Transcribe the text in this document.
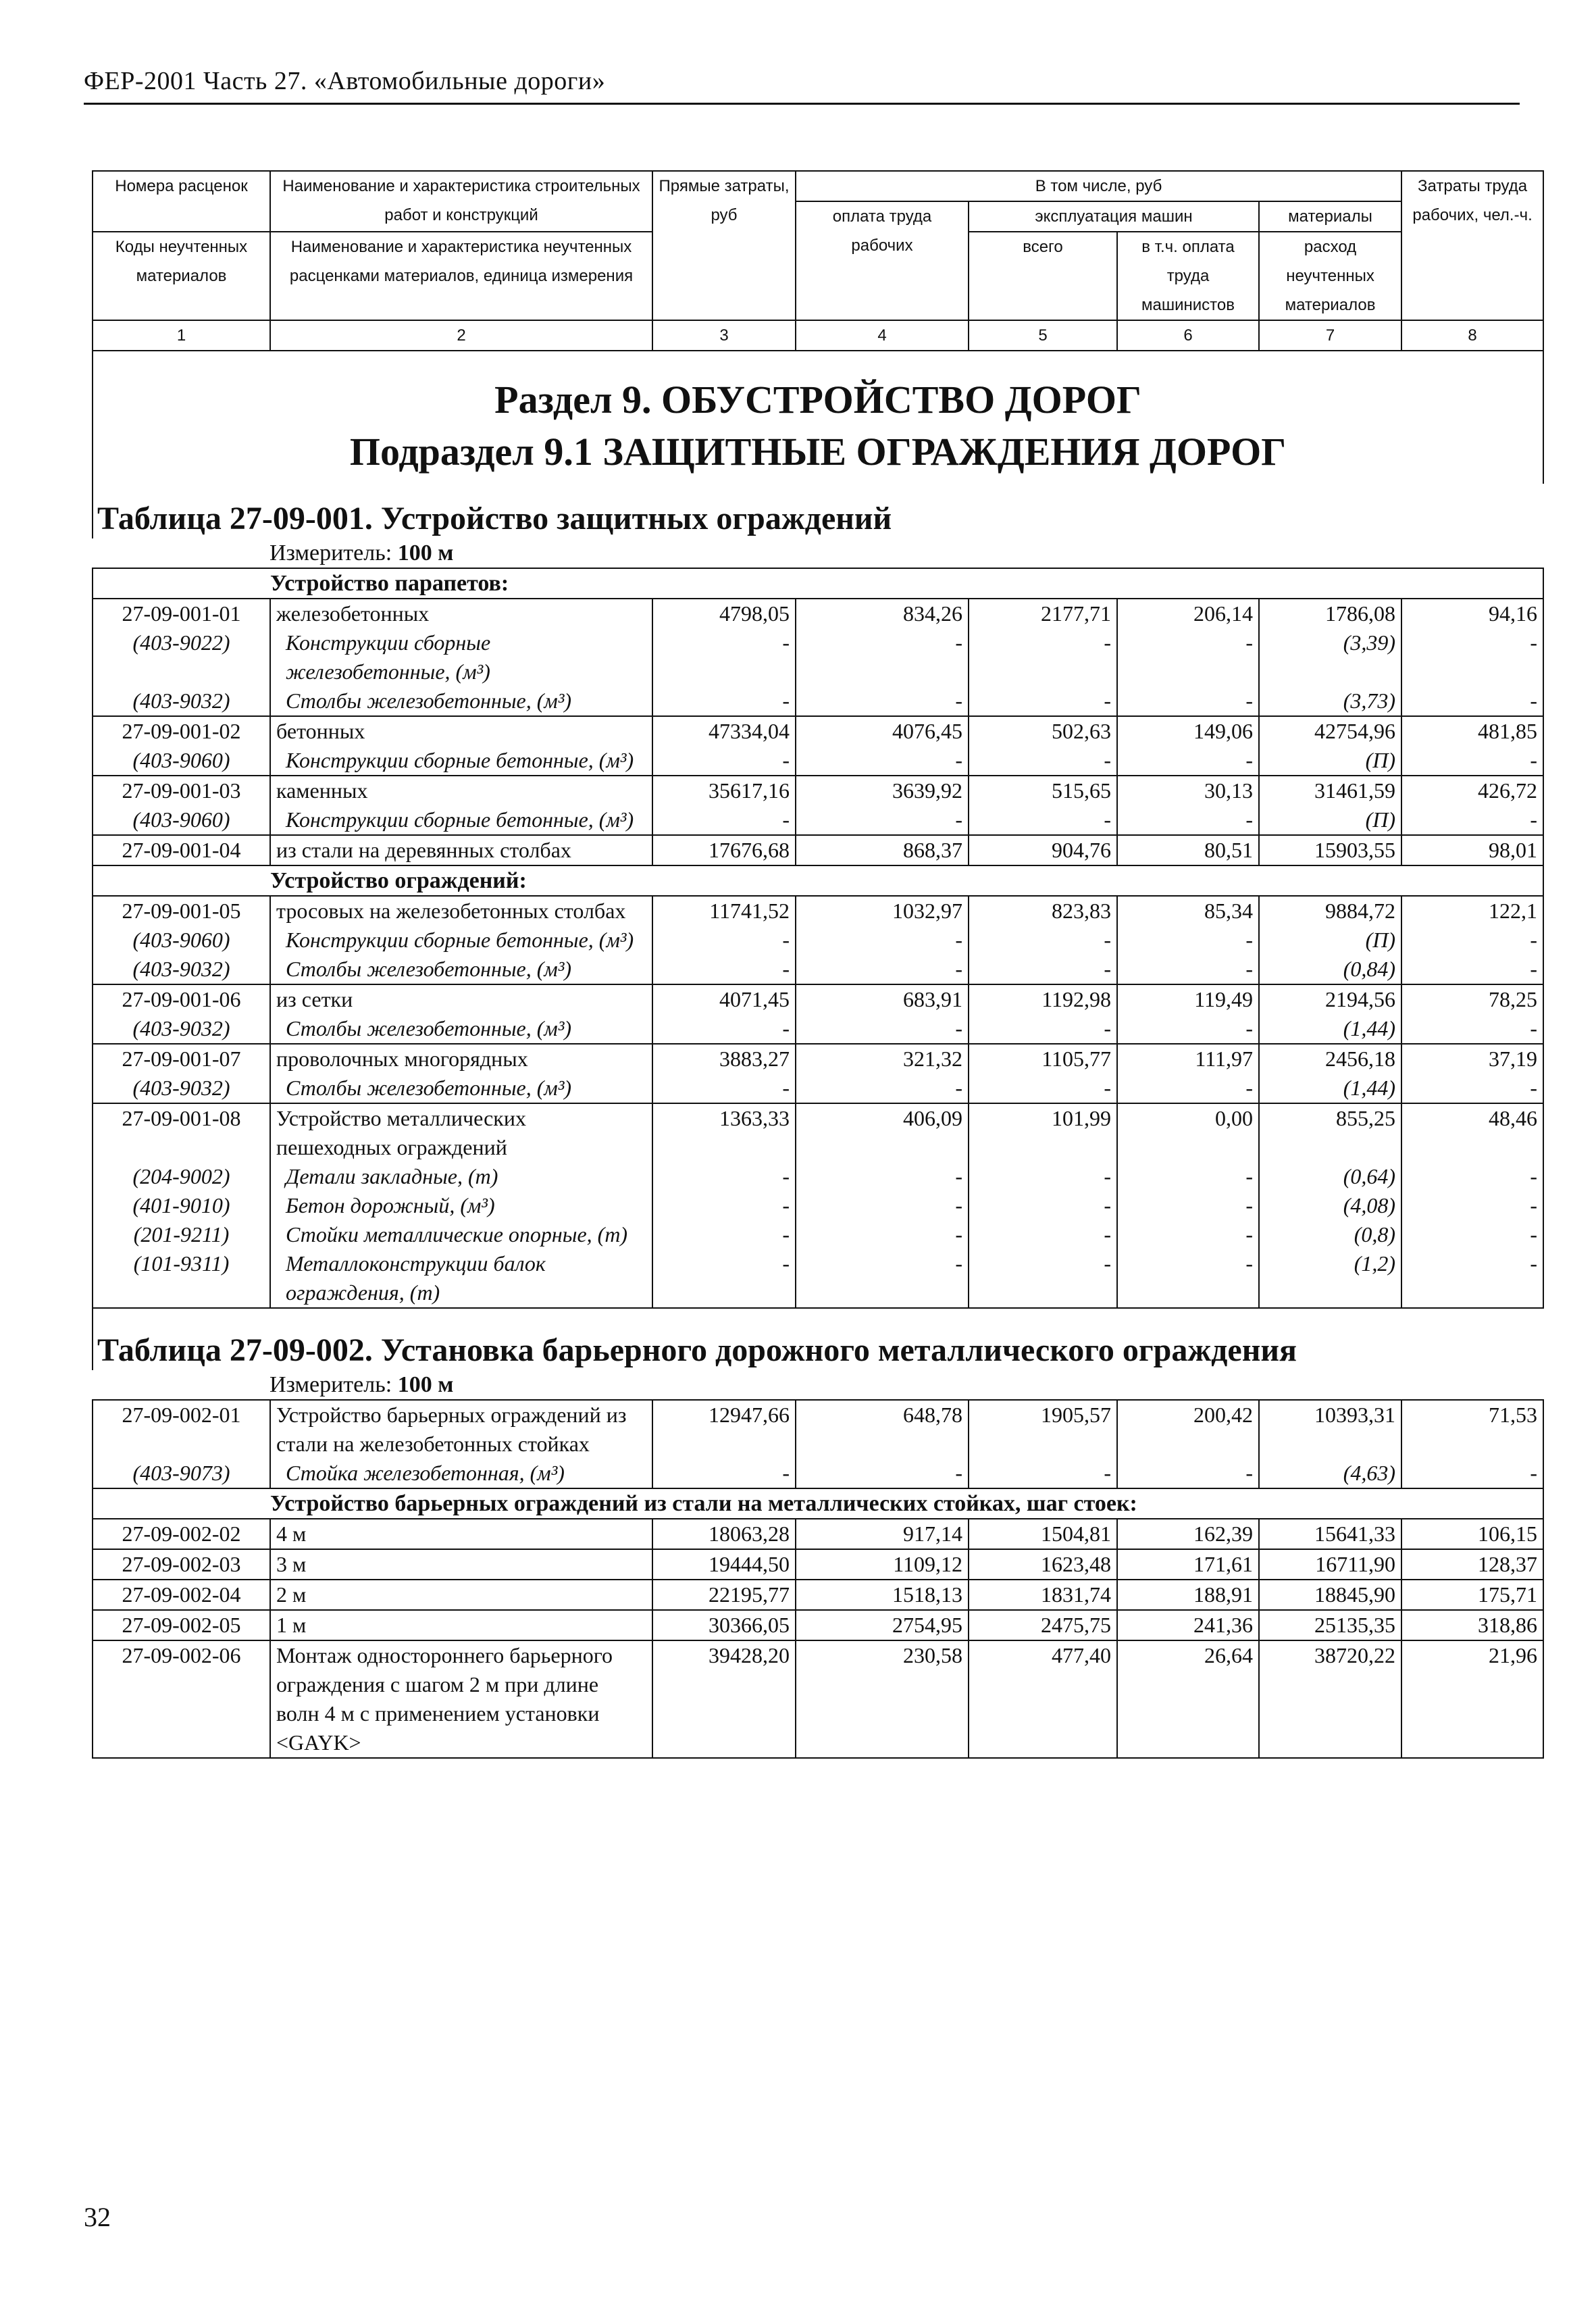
ФЕР-2001 Часть 27. «Автомобильные дороги»
Номера расценок	Наименование и характеристика строительных работ и конструкций	Прямые затраты, руб	В том числе, руб				Затраты труда рабочих, чел.-ч.
			оплата труда рабочих	эксплуатация машин		материалы	
Коды неучтенных материалов	Наименование и характеристика неучтенных расценками материалов, единица измерения			всего	в т.ч. оплата труда машинистов	расход неучтенных материалов	

1	2	3	4	5	6	7	8
Раздел 9. ОБУСТРОЙСТВО ДОРОГ							
Подраздел 9.1 ЗАЩИТНЫЕ ОГРАЖДЕНИЯ ДОРОГ							
Таблица 27-09-001. Устройство защитных ограждений							
Измеритель: 100 м							
Устройство парапетов:							
27-09-001-01	железобетонных	4798,05	834,26	2177,71	206,14	1786,08	94,16
(403-9022)	Конструкции сборные железобетонные, (м³)	-	-	-	-	(3,39)	-
(403-9032)	Столбы железобетонные, (м³)	-	-	-	-	(3,73)	-
27-09-001-02	бетонных	47334,04	4076,45	502,63	149,06	42754,96	481,85
(403-9060)	Конструкции сборные бетонные, (м³)	-	-	-	-	(П)	-
27-09-001-03	каменных	35617,16	3639,92	515,65	30,13	31461,59	426,72
(403-9060)	Конструкции сборные бетонные, (м³)	-	-	-	-	(П)	-
27-09-001-04	из стали на деревянных столбах	17676,68	868,37	904,76	80,51	15903,55	98,01
Устройство ограждений:							
27-09-001-05	тросовых на железобетонных столбах	11741,52	1032,97	823,83	85,34	9884,72	122,1
(403-9060)	Конструкции сборные бетонные, (м³)	-	-	-	-	(П)	-
(403-9032)	Столбы железобетонные, (м³)	-	-	-	-	(0,84)	-
27-09-001-06	из сетки	4071,45	683,91	1192,98	119,49	2194,56	78,25
(403-9032)	Столбы железобетонные, (м³)	-	-	-	-	(1,44)	-
27-09-001-07	проволочных многорядных	3883,27	321,32	1105,77	111,97	2456,18	37,19
(403-9032)	Столбы железобетонные, (м³)	-	-	-	-	(1,44)	-
27-09-001-08	Устройство металлических пешеходных ограждений	1363,33	406,09	101,99	0,00	855,25	48,46
(204-9002)	Детали закладные, (т)	-	-	-	-	(0,64)	-
(401-9010)	Бетон дорожный, (м³)	-	-	-	-	(4,08)	-
(201-9211)	Стойки металлические опорные, (т)	-	-	-	-	(0,8)	-
(101-9311)	Металлоконструкции балок ограждения, (т)	-	-	-	-	(1,2)	-
Таблица 27-09-002. Установка барьерного дорожного металлического ограждения							
Измеритель: 100 м							
27-09-002-01	Устройство барьерных ограждений из стали на железобетонных стойках	12947,66	648,78	1905,57	200,42	10393,31	71,53
(403-9073)	Стойка железобетонная, (м³)	-	-	-	-	(4,63)	-
Устройство барьерных ограждений из стали на металлических стойках, шаг стоек:							
27-09-002-02	4 м	18063,28	917,14	1504,81	162,39	15641,33	106,15
27-09-002-03	3 м	19444,50	1109,12	1623,48	171,61	16711,90	128,37
27-09-002-04	2 м	22195,77	1518,13	1831,74	188,91	18845,90	175,71
27-09-002-05	1 м	30366,05	2754,95	2475,75	241,36	25135,35	318,86
27-09-002-06	Монтаж одностороннего барьерного ограждения с шагом 2 м при длине волн 4 м с применением установки <GAYK>	39428,20	230,58	477,40	26,64	38720,22	21,96
32
